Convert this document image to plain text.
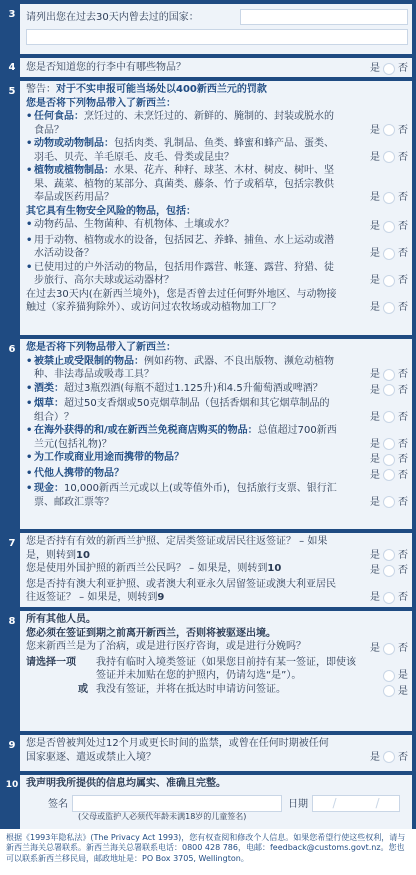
3	请列出您在过去30天内曾去过的国家：
4	您是否知道您的行李中有哪些物品？	是 否
5	警告：对于不实申报可能当场处以400新西兰元的罚款
您是否将下列物品带入了新西兰：
• 任何食品：烹饪过的、未烹饪过的、新鲜的、腌制的、封装或脱水的食品？	是 否
• 动物或动物制品：包括肉类、乳制品、鱼类、蜂蜜和蜂产品、蛋类、羽毛、贝壳、羊毛原毛、皮毛、骨类或昆虫？	是 否
• 植物或植物制品：水果、花卉、种籽、球茎、木材、树皮、树叶、坚果、蔬菜、植物的某部分、真菌类、藤条、竹子或稻草，包括宗教供奉品或医药用品？	是 否
其它具有生物安全风险的物品，包括：
• 动物药品、生物菌种、有机物体、土壤或水？	是 否
• 用于动物、植物或水的设备，包括园艺、养蜂、捕鱼、水上运动或潜水活动设备？	是 否
• 已使用过的户外活动的物品，包括用作露营、帐篷、露营、狩猎、徒步旅行、高尔夫球或运动器材？	是 否
在过去30天内(在新西兰境外)，您是否曾去过任何野外地区、与动物接触过（家养猫狗除外）、或访问过农牧场或动植物加工厂？	是 否
6	您是否将下列物品带入了新西兰：
• 被禁止或受限制的物品：例如药物、武器、不良出版物、濒危动植物种、非法毒品或吸毒工具？	是 否
• 酒类：超过3瓶烈酒(每瓶不超过1.125升)和4.5升葡萄酒或啤酒？	是 否
• 烟草：超过50支香烟或50克烟草制品（包括香烟和其它烟草制品的组合）？	是 否
• 在海外获得的和/或在新西兰免税商店购买的物品：总值超过700新西兰元(包括礼物)？	是 否
• 为工作或商业用途而携带的物品？	是 否
• 代他人携带的物品？	是 否
• 现金：10,000新西兰元或以上(或等值外币)，包括旅行支票、银行汇票、邮政汇票等？	是 否
7	您是否持有有效的新西兰护照、定居类签证或居民往返签证？ – 如果是，则转到10	是 否
您是使用外国护照的新西兰公民吗？ – 如果是，则转到10	是 否
您是否持有澳大利亚护照、或者澳大利亚永久居留签证或澳大利亚居民往返签证？ – 如果是，则转到9	是 否
8	所有其他人员。
您必须在签证到期之前离开新西兰，否则将被驱逐出境。
您来新西兰是为了治病，或是进行医疗咨询，或是进行分娩吗？	是 否
请选择一项	我持有临时入境类签证（如果您目前持有某一签证，即使该签证并未加贴在您的护照内，仍请勾选“是”）。	是
或 我没有签证，并将在抵达时申请访问签证。	是
9	您是否曾被判处过12个月或更长时间的监禁，或曾在任何时期被任何国家驱逐、遣返或禁止入境？	是 否
10 我声明我所提供的信息均属实、准确且完整。
签名	日期 /	/
(父母或监护人必须代年龄未满18岁的儿童签名)
根据《1993年隐私法》(The Privacy Act 1993)，您有权查阅和修改个人信息。如果您希望行使这些权利，请与新西兰海关总署联系。新西兰海关总署联系电话：0800 428 786，电邮：feedback@customs.govt.nz。您也可以联系新西兰移民局，邮政地址是：PO Box 3705, Wellington。
